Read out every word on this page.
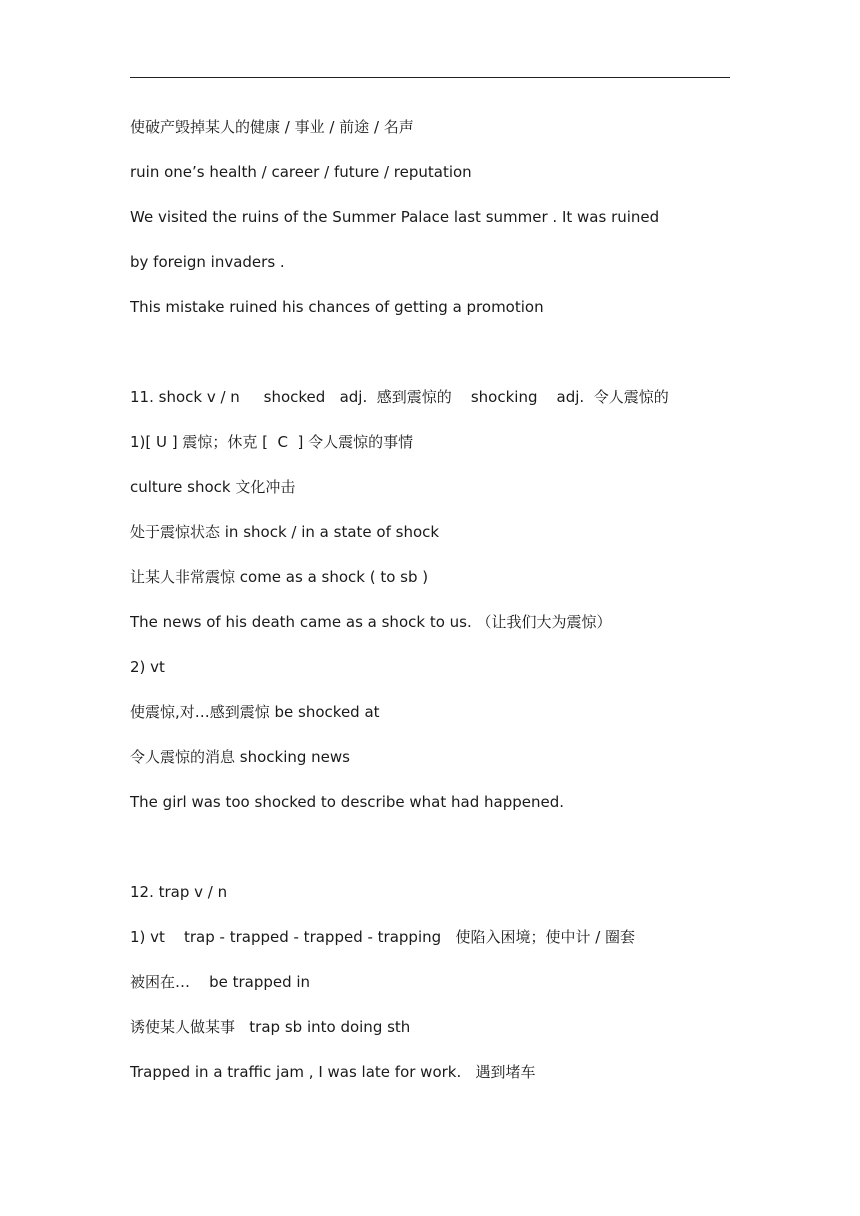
使破产毁掉某人的健康 / 事业 / 前途 / 名声
ruin one’s health / career / future / reputation
We visited the ruins of the Summer Palace last summer . It was ruined
by foreign invaders .
This mistake ruined his chances of getting a promotion
11. shock v / n     shocked   adj.  感到震惊的    shocking    adj.  令人震惊的
1)[ U ] 震惊；休克 [  C  ] 令人震惊的事情
culture shock 文化冲击
处于震惊状态 in shock / in a state of shock
让某人非常震惊 come as a shock ( to sb )
The news of his death came as a shock to us. （让我们大为震惊）
2) vt
使震惊,对…感到震惊 be shocked at
令人震惊的消息 shocking news
The girl was too shocked to describe what had happened.
12. trap v / n
1) vt    trap - trapped - trapped - trapping   使陷入困境；使中计 / 圈套
被困在…    be trapped in
诱使某人做某事   trap sb into doing sth
Trapped in a traffic jam , I was late for work.   遇到堵车
